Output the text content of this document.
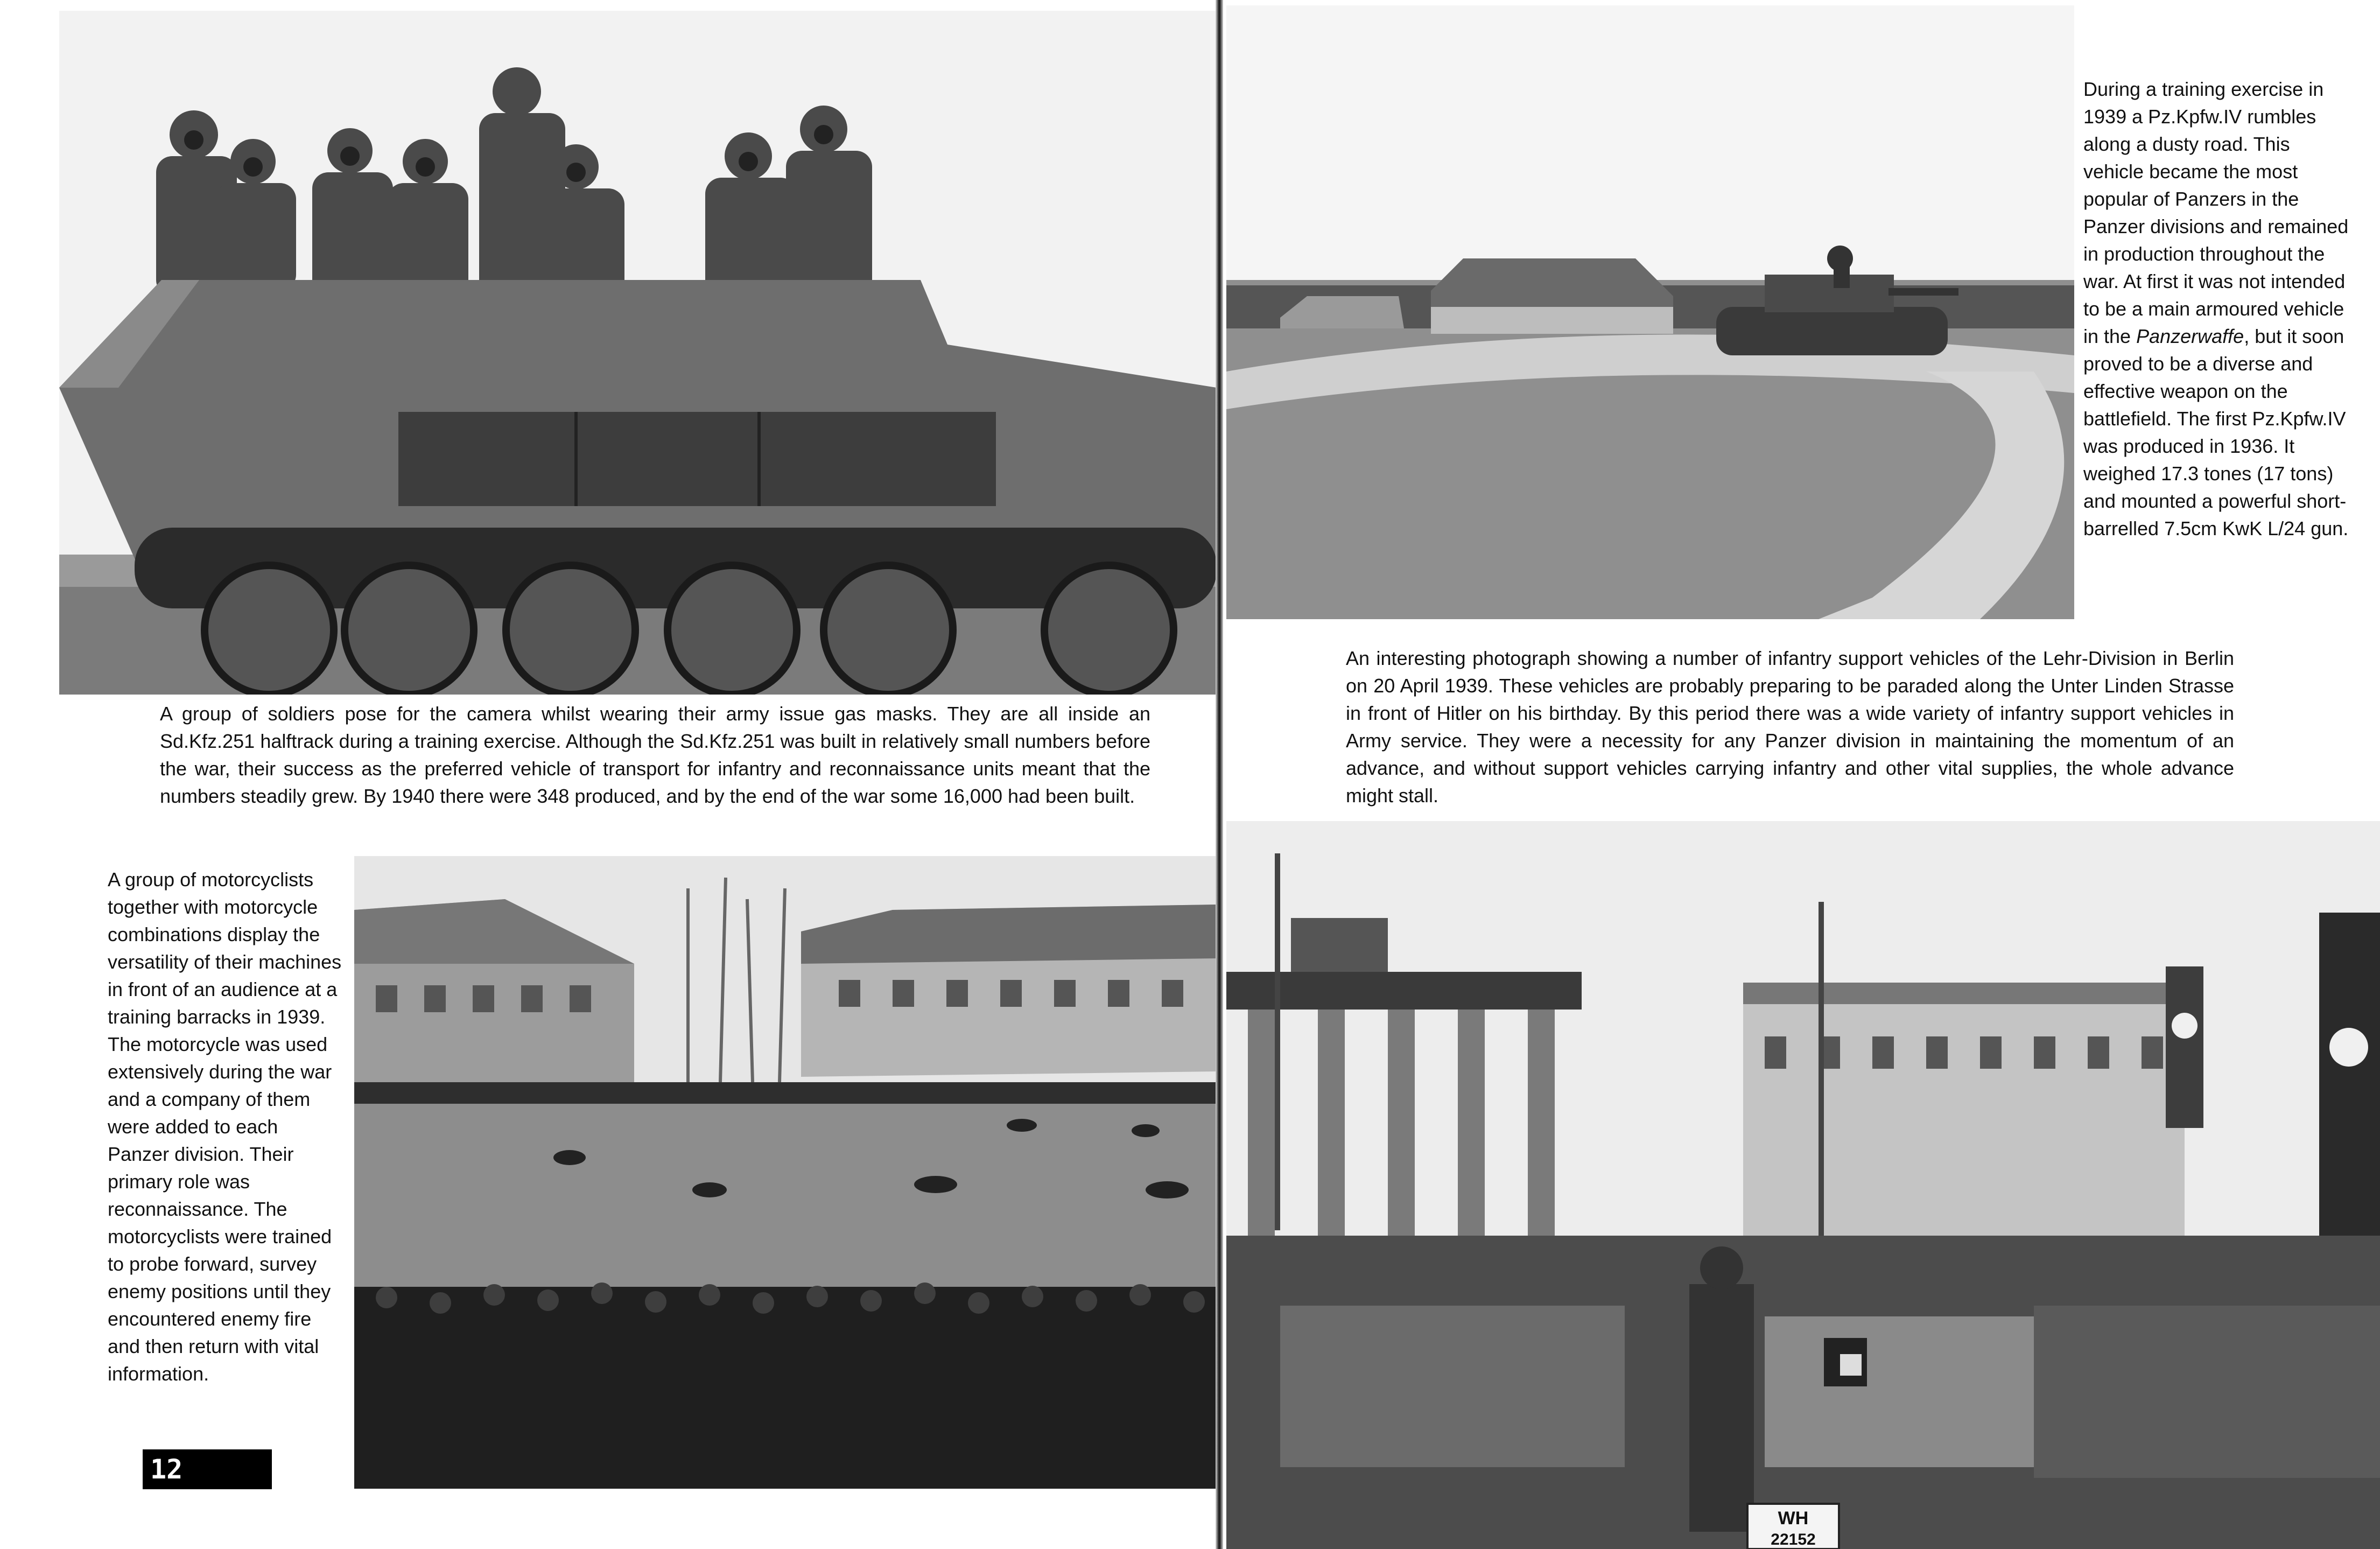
A group of soldiers pose for the camera whilst wearing their army issue gas masks. They are all inside an Sd.Kfz.251 halftrack during a training exercise. Although the Sd.Kfz.251 was built in relatively small numbers before the war, their success as the preferred vehicle of transport for infantry and reconnaissance units meant that the numbers steadily grew. By 1940 there were 348 produced, and by the end of the war some 16,000 had been built.
A group of motorcyclists together with motorcycle combinations display the versatility of their machines in front of an audience at a training barracks in 1939. The motorcycle was used extensively during the war and a company of them were added to each Panzer division. Their primary role was reconnaissance. The motorcyclists were trained to probe forward, survey enemy positions until they encountered enemy fire and then return with vital information.
12
During a training exercise in 1939 a Pz.Kpfw.IV rumbles along a dusty road. This vehicle became the most popular of Panzers in the Panzer divisions and remained in production throughout the war. At first it was not intended to be a main armoured vehicle in the Panzerwaffe, but it soon proved to be a diverse and effective weapon on the battlefield. The first Pz.Kpfw.IV was produced in 1936. It weighed 17.3 tones (17 tons) and mounted a powerful short-barrelled 7.5cm KwK L/24 gun.
An interesting photograph showing a number of infantry support vehicles of the Lehr-Division in Berlin on 20 April 1939. These vehicles are probably preparing to be paraded along the Unter Linden Strasse in front of Hitler on his birthday. By this period there was a wide variety of infantry support vehicles in Army service. They were a necessity for any Panzer division in maintaining the momentum of an advance, and without support vehicles carrying infantry and other vital supplies, the whole advance might stall.
WH
22152
